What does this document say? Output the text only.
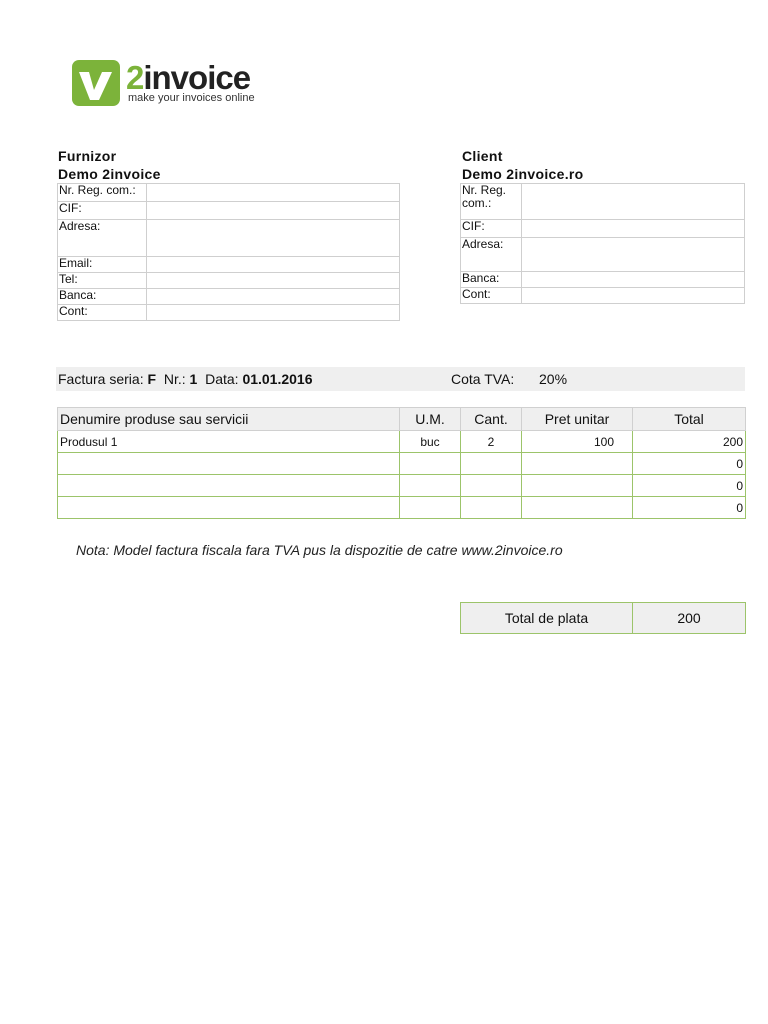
2invoice
make your invoices online
Furnizor
Demo 2invoice
Nr. Reg. com.:	
CIF:	
Adresa:	
Email:	
Tel:	
Banca:	
Cont:	
Client
Demo 2invoice.ro
Nr. Reg. com.:	
CIF:	
Adresa:	
Banca:	
Cont:	
Factura seria: F Nr.: 1 Data: 01.01.2016	Cota TVA: 20%
Denumire produse sau servicii	U.M.	Cant.	Pret unitar	Total
Produsul 1	buc	2	100	200
				0
				0
				0
Nota: Model factura fiscala fara TVA pus la dispozitie de catre www.2invoice.ro
Total de plata	200
